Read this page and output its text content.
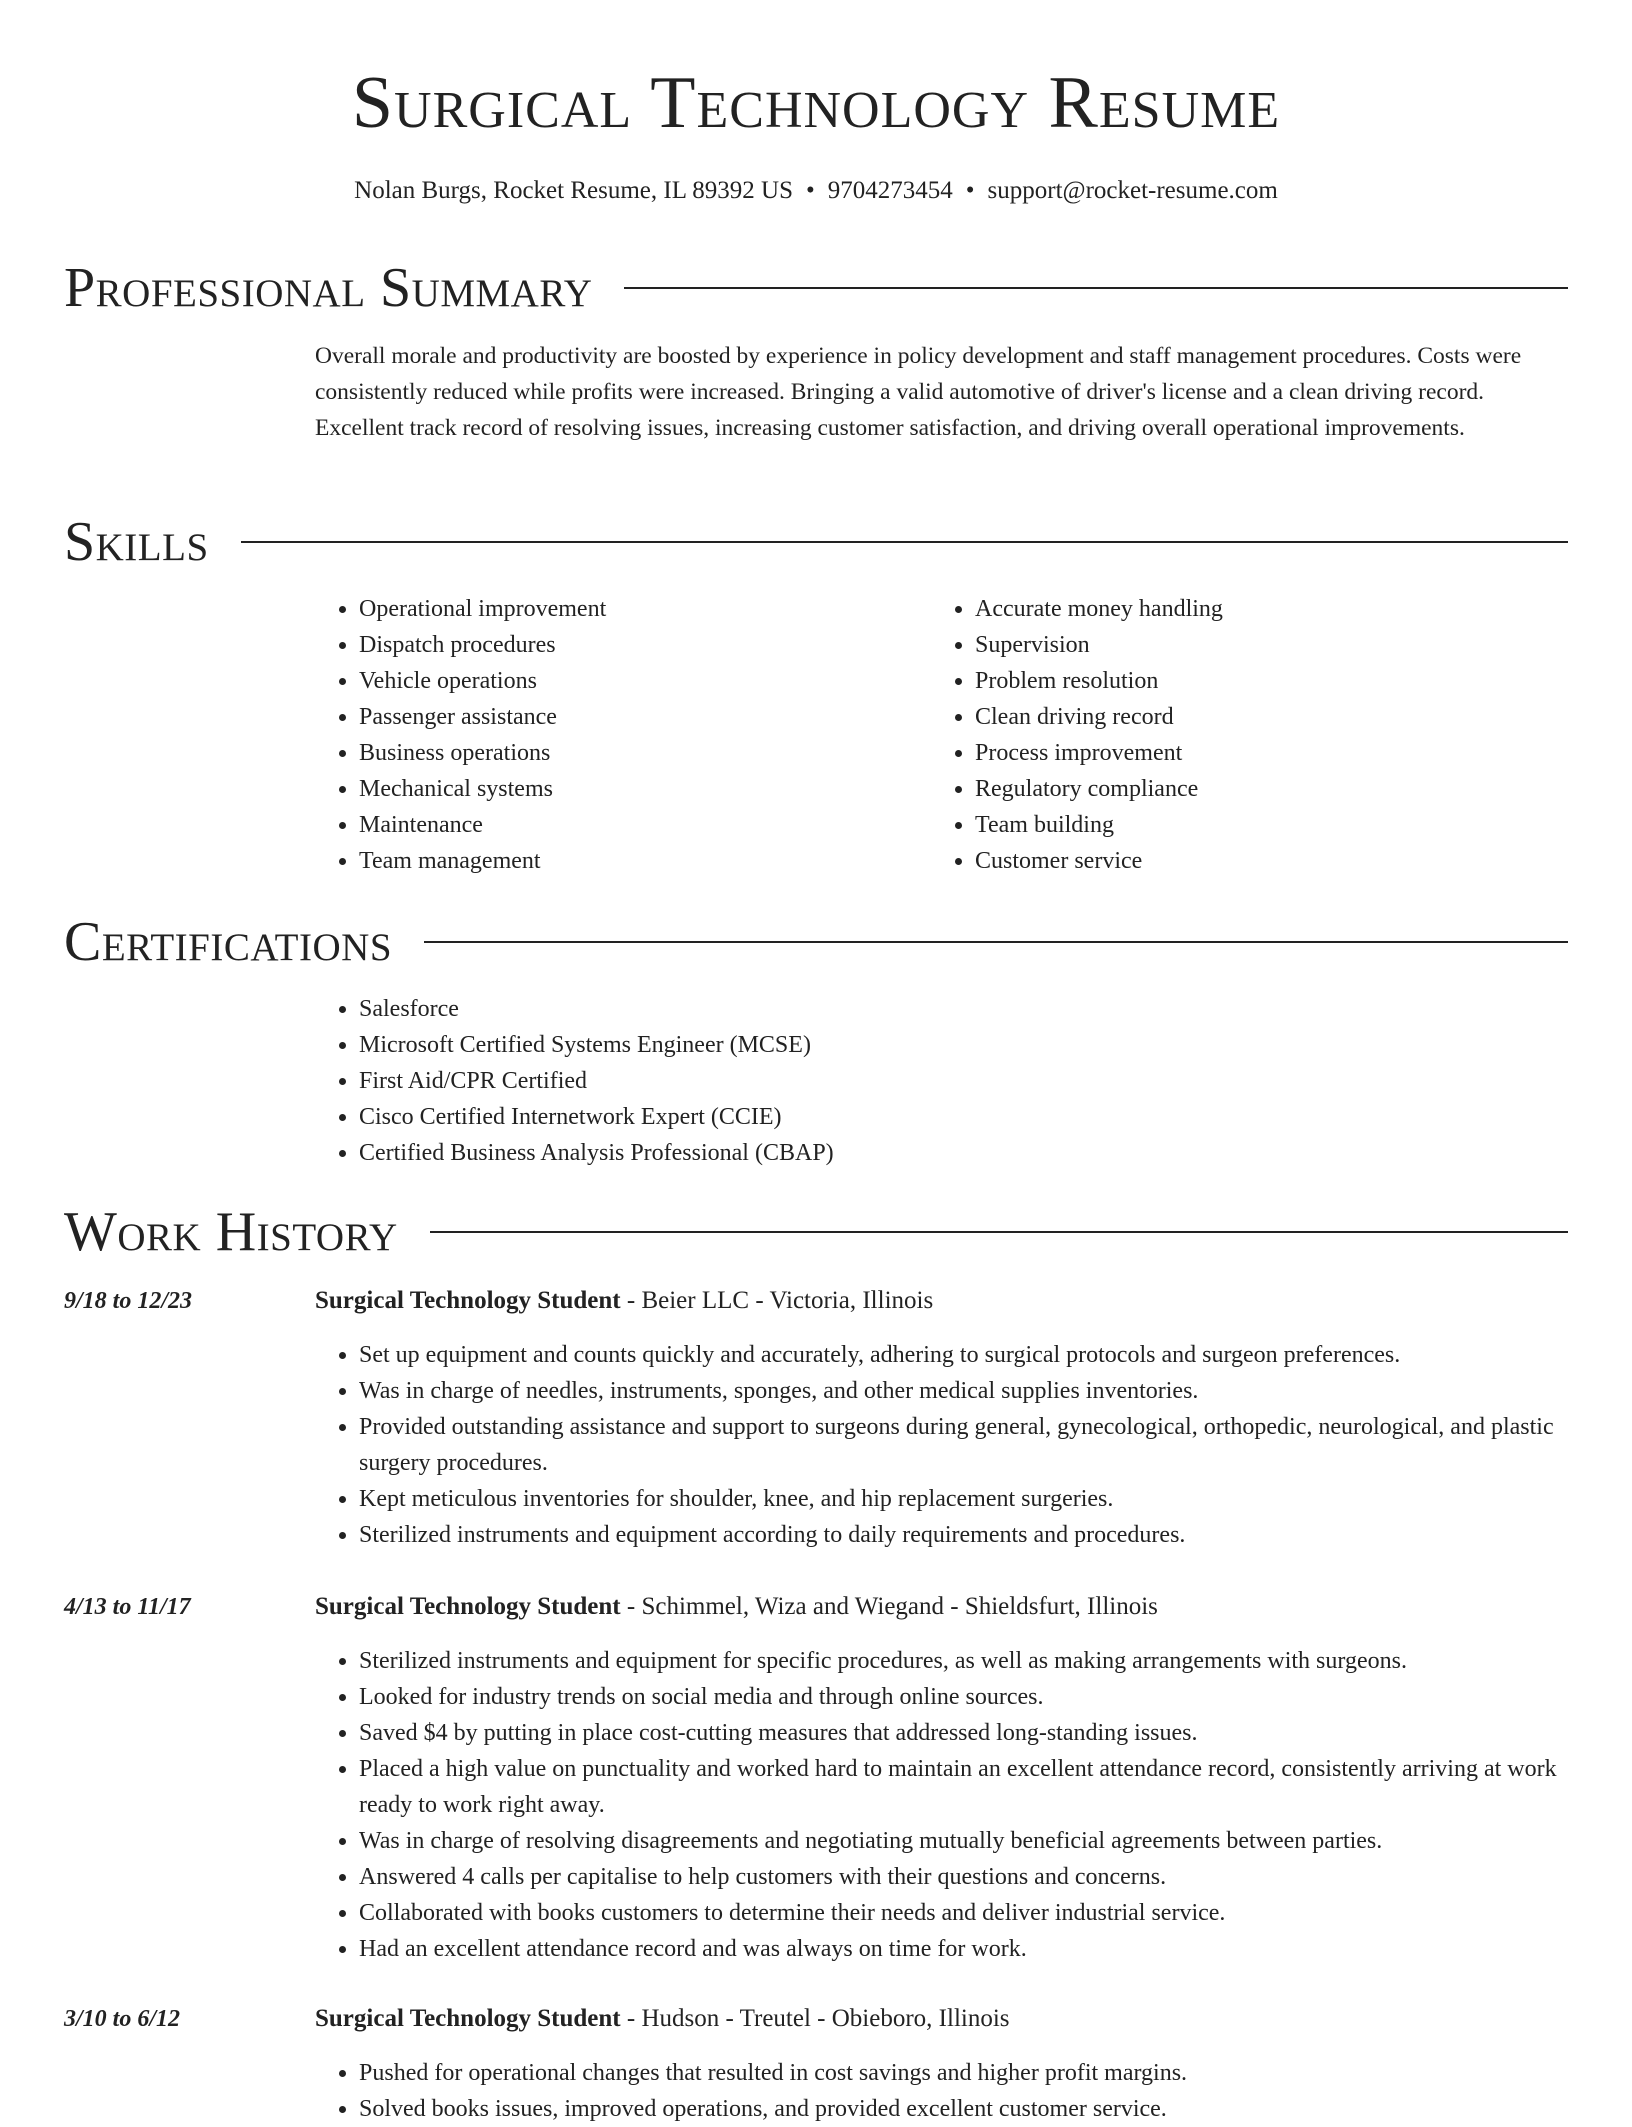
Surgical Technology Resume
Nolan Burgs, Rocket Resume, IL 89392 US • 9704273454 • support@rocket-resume.com
Professional Summary

Overall morale and productivity are boosted by experience in policy development and staff management procedures. Costs were consistently reduced while profits were increased. Bringing a valid automotive of driver's license and a clean driving record. Excellent track record of resolving issues, increasing customer satisfaction, and driving overall operational improvements.

Skills
• Operational improvement
• Dispatch procedures
• Vehicle operations
• Passenger assistance
• Business operations
• Mechanical systems
• Maintenance
• Team management
• Accurate money handling
• Supervision
• Problem resolution
• Clean driving record
• Process improvement
• Regulatory compliance
• Team building
• Customer service
Certifications
• Salesforce
• Microsoft Certified Systems Engineer (MCSE)
• First Aid/CPR Certified
• Cisco Certified Internetwork Expert (CCIE)
• Certified Business Analysis Professional (CBAP)
Work History
9/18 to 12/23	Surgical Technology Student - Beier LLC - Victoria, Illinois
• Set up equipment and counts quickly and accurately, adhering to surgical protocols and surgeon preferences.
• Was in charge of needles, instruments, sponges, and other medical supplies inventories.
• Provided outstanding assistance and support to surgeons during general, gynecological, orthopedic, neurological, and plastic surgery procedures.
• Kept meticulous inventories for shoulder, knee, and hip replacement surgeries.
• Sterilized instruments and equipment according to daily requirements and procedures.
4/13 to 11/17	Surgical Technology Student - Schimmel, Wiza and Wiegand - Shieldsfurt, Illinois
• Sterilized instruments and equipment for specific procedures, as well as making arrangements with surgeons.
• Looked for industry trends on social media and through online sources.
• Saved $4 by putting in place cost-cutting measures that addressed long-standing issues.
• Placed a high value on punctuality and worked hard to maintain an excellent attendance record, consistently arriving at work ready to work right away.
• Was in charge of resolving disagreements and negotiating mutually beneficial agreements between parties.
• Answered 4 calls per capitalise to help customers with their questions and concerns.
• Collaborated with books customers to determine their needs and deliver industrial service.
• Had an excellent attendance record and was always on time for work.
3/10 to 6/12	Surgical Technology Student - Hudson - Treutel - Obieboro, Illinois
• Pushed for operational changes that resulted in cost savings and higher profit margins.
• Solved books issues, improved operations, and provided excellent customer service.
